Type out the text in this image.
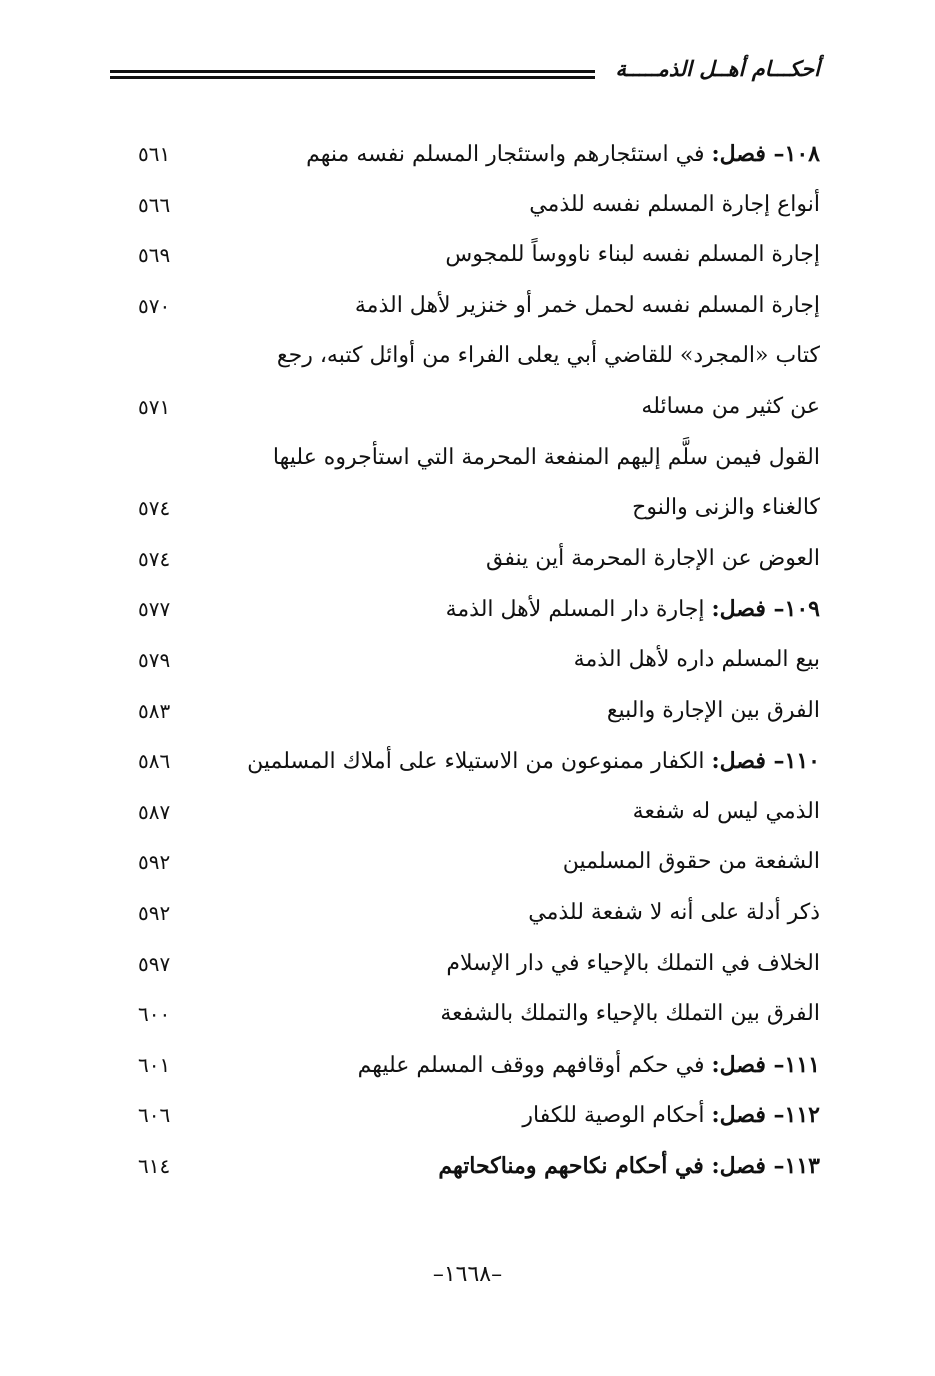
أحكـــام أهــل الذمـــــة
١٠٨– فصل: في استئجارهم واستئجار المسلم نفسه منهم
٥٦١
أنواع إجارة المسلم نفسه للذمي
٥٦٦
إجارة المسلم نفسه لبناء ناووساً للمجوس
٥٦٩
إجارة المسلم نفسه لحمل خمر أو خنزير لأهل الذمة
٥٧٠
كتاب «المجرد» للقاضي أبي يعلى الفراء من أوائل كتبه، رجع
عن كثير من مسائله
٥٧١
القول فيمن سلَّم إليهم المنفعة المحرمة التي استأجروه عليها
كالغناء والزنى والنوح
٥٧٤
العوض عن الإجارة المحرمة أين ينفق
٥٧٤
١٠٩– فصل: إجارة دار المسلم لأهل الذمة
٥٧٧
بيع المسلم داره لأهل الذمة
٥٧٩
الفرق بين الإجارة والبيع
٥٨٣
١١٠– فصل: الكفار ممنوعون من الاستيلاء على أملاك المسلمين
٥٨٦
الذمي ليس له شفعة
٥٨٧
الشفعة من حقوق المسلمين
٥٩٢
ذكر أدلة على أنه لا شفعة للذمي
٥٩٢
الخلاف في التملك بالإحياء في دار الإسلام
٥٩٧
الفرق بين التملك بالإحياء والتملك بالشفعة
٦٠٠
١١١– فصل: في حكم أوقافهم ووقف المسلم عليهم
٦٠١
١١٢– فصل: أحكام الوصية للكفار
٦٠٦
١١٣– فصل: في أحكام نكاحهم ومناكحاتهم
٦١٤
–١٦٦٨–
